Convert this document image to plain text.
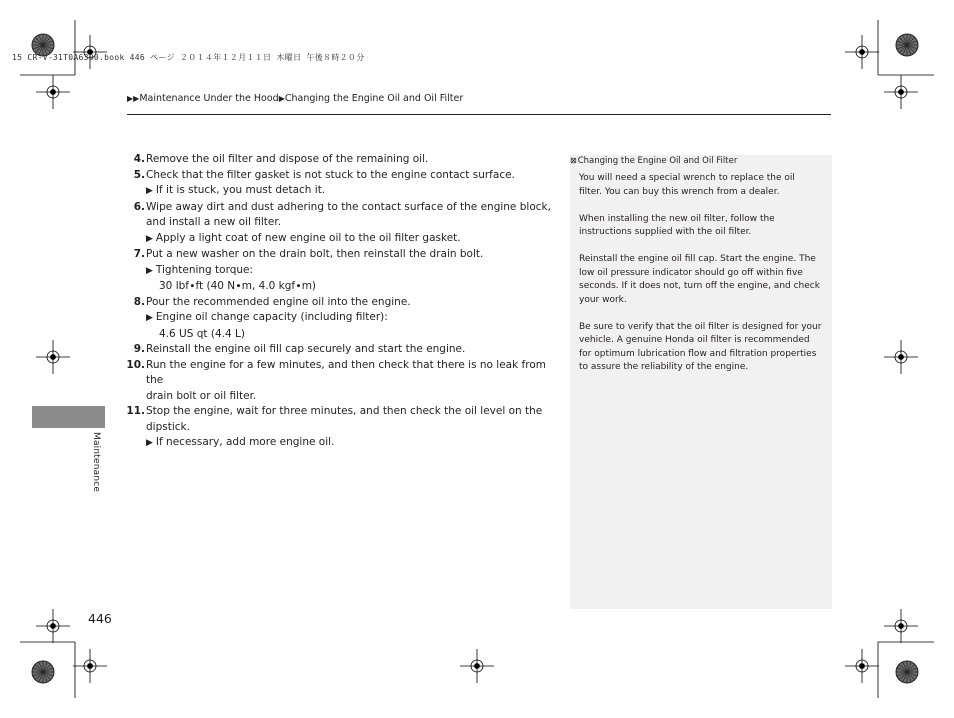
15 CR-V-31T0A6300.book 446 ページ ２０１４年１２月１１日 木曜日 午後８時２０分
▶▶Maintenance Under the Hood▶Changing the Engine Oil and Oil Filter
4. Remove the oil filter and dispose of the remaining oil.
5. Check that the filter gasket is not stuck to the engine contact surface.
▶ If it is stuck, you must detach it.
6. Wipe away dirt and dust adhering to the contact surface of the engine block,
and install a new oil filter.
▶ Apply a light coat of new engine oil to the oil filter gasket.
7. Put a new washer on the drain bolt, then reinstall the drain bolt.
▶ Tightening torque:
30 lbf∙ft (40 N∙m, 4.0 kgf∙m)
8. Pour the recommended engine oil into the engine.
▶ Engine oil change capacity (including filter):
4.6 US qt (4.4 L)
9. Reinstall the engine oil fill cap securely and start the engine.
10. Run the engine for a few minutes, and then check that there is no leak from the
drain bolt or oil filter.
11. Stop the engine, wait for three minutes, and then check the oil level on the
dipstick.
▶ If necessary, add more engine oil.
⊠Changing the Engine Oil and Oil Filter

You will need a special wrench to replace the oil
filter. You can buy this wrench from a dealer.

When installing the new oil filter, follow the
instructions supplied with the oil filter.

Reinstall the engine oil fill cap. Start the engine. The
low oil pressure indicator should go off within five
seconds. If it does not, turn off the engine, and check
your work.

Be sure to verify that the oil filter is designed for your
vehicle. A genuine Honda oil filter is recommended
for optimum lubrication flow and filtration properties
to assure the reliability of the engine.

Maintenance
446
